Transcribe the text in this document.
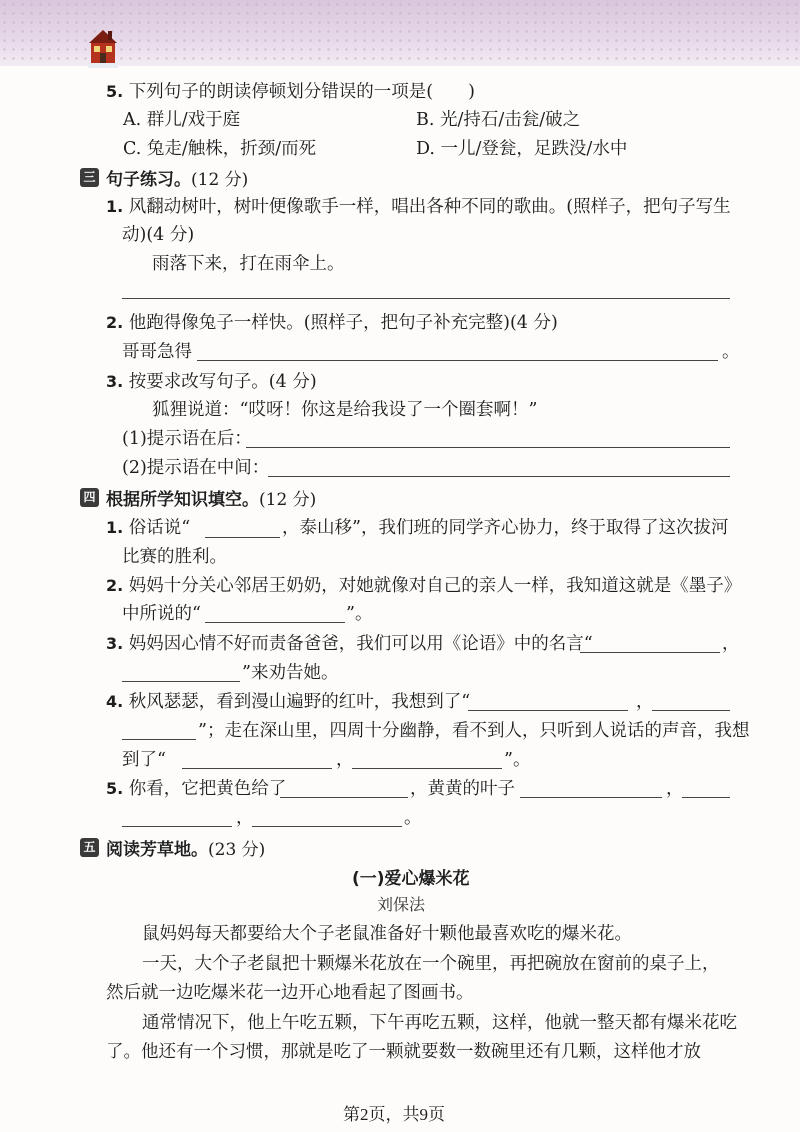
5. 下列句子的朗读停顿划分错误的一项是(　　)
A. 群儿/戏于庭	B. 光/持石/击瓮/破之
C. 兔走/触株，折颈/而死	D. 一儿/登瓮，足跌没/水中
三 句子练习。(12 分)
1. 风翻动树叶，树叶便像歌手一样，唱出各种不同的歌曲。(照样子，把句子写生
动)(4 分)
雨落下来，打在雨伞上。
2. 他跑得像兔子一样快。(照样子，把句子补充完整)(4 分)
哥哥急得	。
3. 按要求改写句子。(4 分)
狐狸说道：“哎呀！你这是给我设了一个圈套啊！”
(1)提示语在后：
(2)提示语在中间：
四 根据所学知识填空。(12 分)
1. 俗话说“	，泰山移”，我们班的同学齐心协力，终于取得了这次拔河
比赛的胜利。
2. 妈妈十分关心邻居王奶奶，对她就像对自己的亲人一样，我知道这就是《墨子》
中所说的“	”。
3. 妈妈因心情不好而责备爸爸，我们可以用《论语》中的名言“	，
”来劝告她。
4. 秋风瑟瑟，看到漫山遍野的红叶，我想到了“	，
”；走在深山里，四周十分幽静，看不到人，只听到人说话的声音，我想
到了“	，	”。
5. 你看，它把黄色给了	，黄黄的叶子	，
，	。
五 阅读芳草地。(23 分)
(一)爱心爆米花
刘保法
鼠妈妈每天都要给大个子老鼠准备好十颗他最喜欢吃的爆米花。
一天，大个子老鼠把十颗爆米花放在一个碗里，再把碗放在窗前的桌子上，
然后就一边吃爆米花一边开心地看起了图画书。
通常情况下，他上午吃五颗，下午再吃五颗，这样，他就一整天都有爆米花吃
了。他还有一个习惯，那就是吃了一颗就要数一数碗里还有几颗，这样他才放
第2页，共9页
